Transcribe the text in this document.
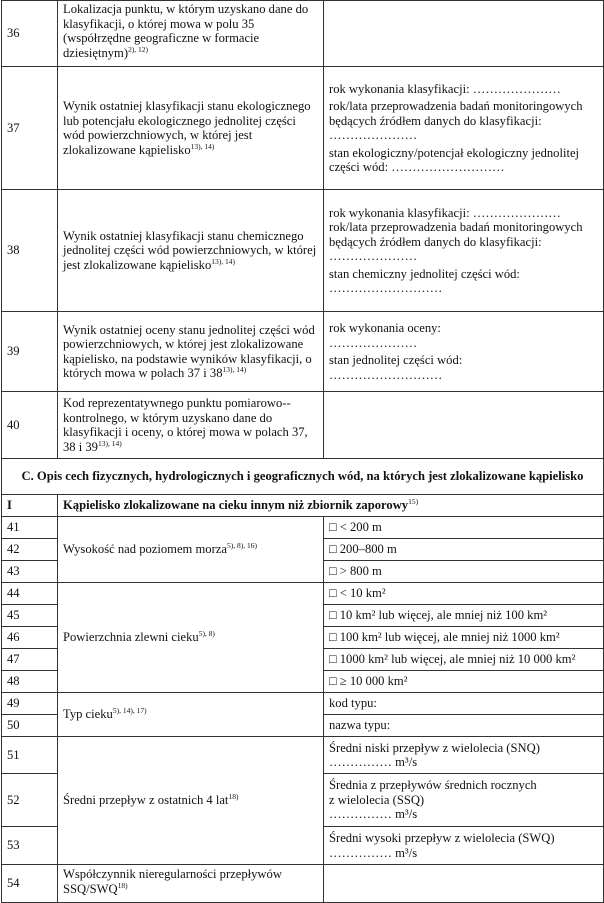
36	Lokalizacja punktu, w którym uzyskano dane do klasyfikacji, o której mowa w polu 35 (współrzędne geograficzne w formacie dziesiętnym)$^{2), 12)}$	
37	Wynik ostatniej klasyfikacji stanu ekologicznego lub potencjału ekologicznego jednolitej części wód powierzchniowych, w której jest zlokalizowane kąpielisko$^{13), 14)}$	rok wykonania klasyfikacji: …………………
rok/lata przeprowadzenia badań monitoringowych będących źródłem danych do klasyfikacji:
…………………
stan ekologiczny/potencjał ekologiczny jednolitej części wód: ………………………

38	Wynik ostatniej klasyfikacji stanu chemicznego jednolitej części wód powierzchniowych, w której jest zlokalizowane kąpielisko$^{13), 14)}$	rok wykonania klasyfikacji: …………………
rok/lata przeprowadzenia badań monitoringowych będących źródłem danych do klasyfikacji:
…………………
stan chemiczny jednolitej części wód:
………………………

39	Wynik ostatniej oceny stanu jednolitej części wód powierzchniowych, w której jest zlokalizowane kąpielisko, na podstawie wyników klasyfikacji, o których mowa w polach 37 i $38^{13), 14)}$	rok wykonania oceny:
…………………
stan jednolitej części wód:
………………………

40	Kod reprezentatywnego punktu pomiarowo--kontrolnego, w którym uzyskano dane do klasyfikacji i oceny, o której mowa w polach 37, 38 i $39^{13), 14)}$	
C. Opis cech fizycznych, hydrologicznych i geograficznych wód, na których jest zlokalizowane kąpielisko		
I	Kąpielisko zlokalizowane na cieku innym niż zbiornik zaporowy$^{15)}$
41	Wysokość nad poziomem morza$^{5), 8), 16)}$	□ < 200 m
42		□ 200–800 m
43		□ > 800 m
44	Powierzchnia zlewni cieku$^{5), 8)}$	□ < 10 km²
45		□ 10 km² lub więcej, ale mniej niż 100 km²
46		□ 100 km² lub więcej, ale mniej niż 1000 km²
47		□ 1000 km² lub więcej, ale mniej niż 10 000 km²
48		□ ≥ 10 000 km²
49	Typ cieku$^{5), 14), 17)}$	kod typu:
50		nazwa typu:
51	Średni przepływ z ostatnich 4 lat$^{18)}$	Średni niski przepływ z wielolecia (SNQ)
…………… m³/s

52		Średnia z przepływów średnich rocznych
z wielolecia (SSQ)
…………… m³/s

53		Średni wysoki przepływ z wielolecia (SWQ)
…………… m³/s

54	Współczynnik nieregularności przepływów SSQ/SWQ$^{18)}$	
